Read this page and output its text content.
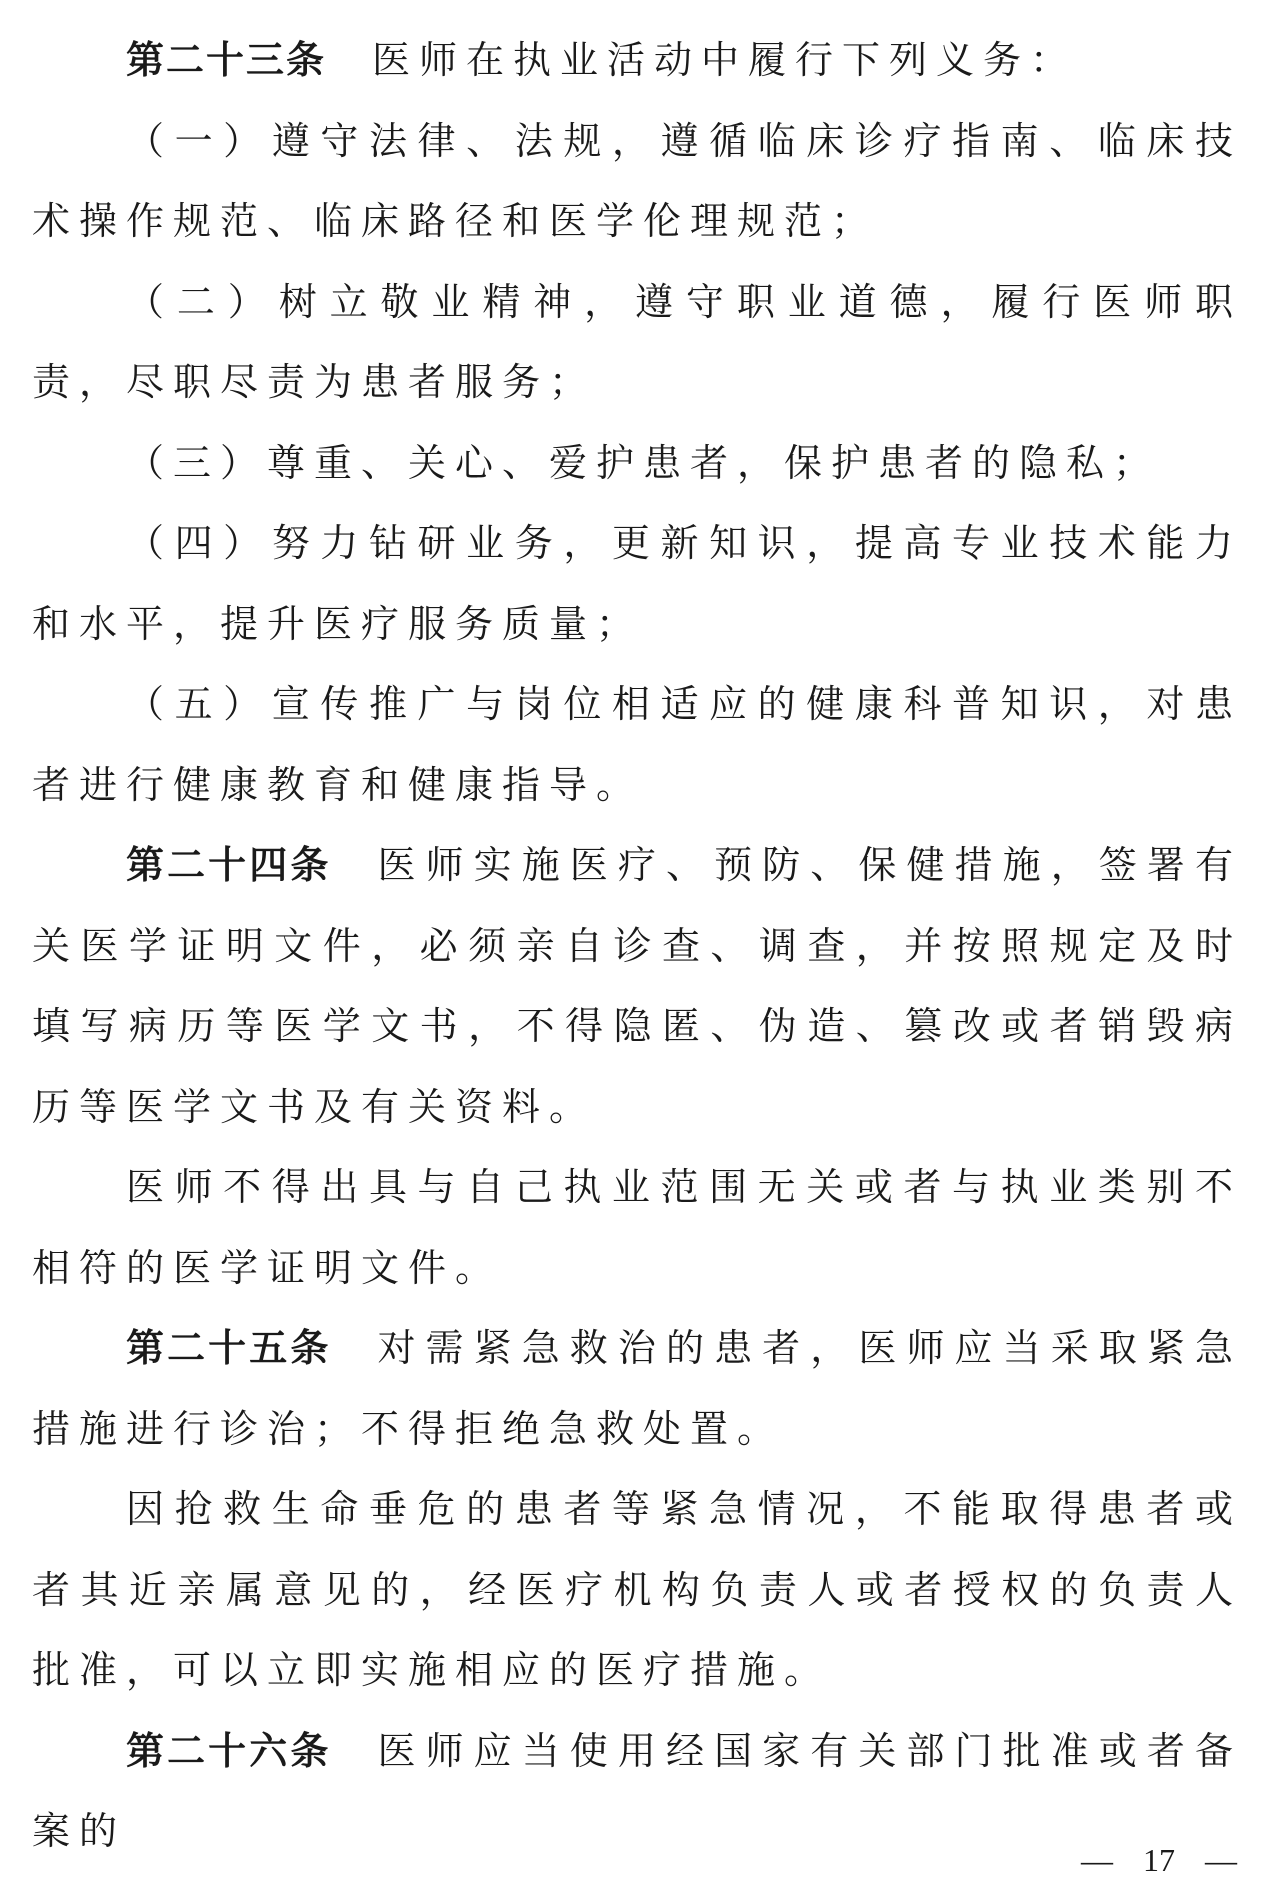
第二十三条 医师在执业活动中履行下列义务：

（一）遵守法律、法规，遵循临床诊疗指南、临床技术操作规范、临床路径和医学伦理规范；

（二）树立敬业精神，遵守职业道德，履行医师职责，尽职尽责为患者服务；

（三）尊重、关心、爱护患者，保护患者的隐私；

（四）努力钻研业务，更新知识，提高专业技术能力和水平，提升医疗服务质量；

（五）宣传推广与岗位相适应的健康科普知识，对患者进行健康教育和健康指导。

第二十四条 医师实施医疗、预防、保健措施，签署有关医学证明文件，必须亲自诊查、调查，并按照规定及时填写病历等医学文书，不得隐匿、伪造、篡改或者销毁病历等医学文书及有关资料。

医师不得出具与自己执业范围无关或者与执业类别不相符的医学证明文件。

第二十五条 对需紧急救治的患者，医师应当采取紧急措施进行诊治；不得拒绝急救处置。

因抢救生命垂危的患者等紧急情况，不能取得患者或者其近亲属意见的，经医疗机构负责人或者授权的负责人批准，可以立即实施相应的医疗措施。

第二十六条 医师应当使用经国家有关部门批准或者备案的

— 17 —
